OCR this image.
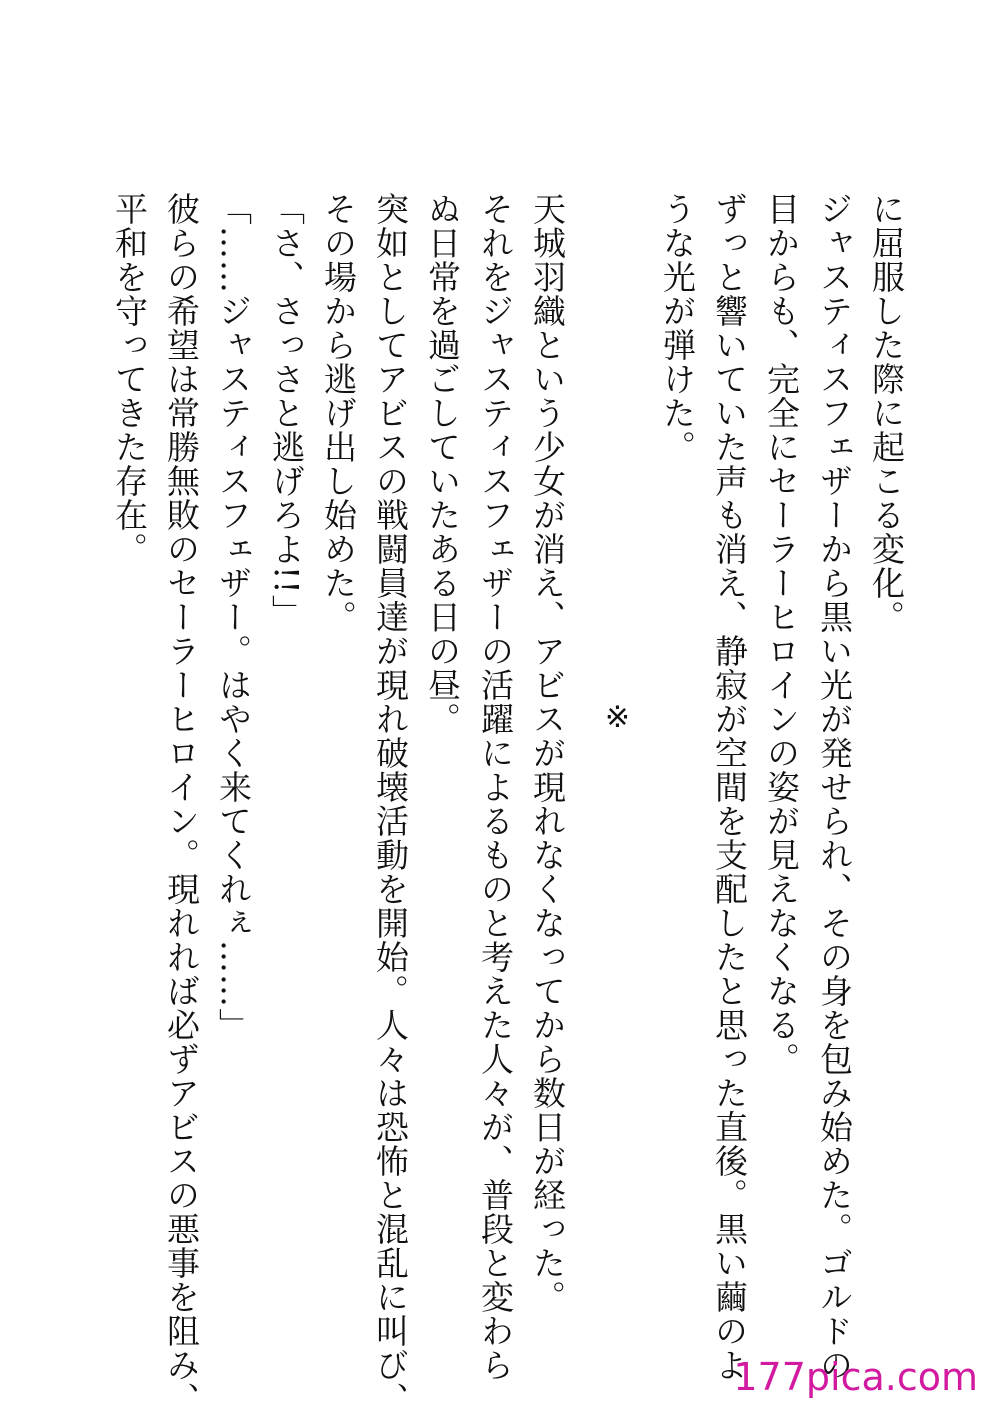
に屈服した際に起こる変化。
ジャスティスフェザーから黒い光が発せられ、その身を包み始めた。ゴルドの
目からも、完全にセーラーヒロインの姿が見えなくなる。
ずっと響いていた声も消え、静寂が空間を支配したと思った直後。黒い繭のよ
うな光が弾けた。
※
天城羽織という少女が消え、アビスが現れなくなってから数日が経った。
それをジャスティスフェザーの活躍によるものと考えた人々が、普段と変わら
ぬ日常を過ごしていたある日の昼。
突如としてアビスの戦闘員達が現れ破壊活動を開始。人々は恐怖と混乱に叫び、
その場から逃げ出し始めた。
「さ、さっさと逃げろよ!!」
「……ジャスティスフェザー。はやく来てくれぇ……」
彼らの希望は常勝無敗のセーラーヒロイン。現れれば必ずアビスの悪事を阻み、
平和を守ってきた存在。
177pica.com
